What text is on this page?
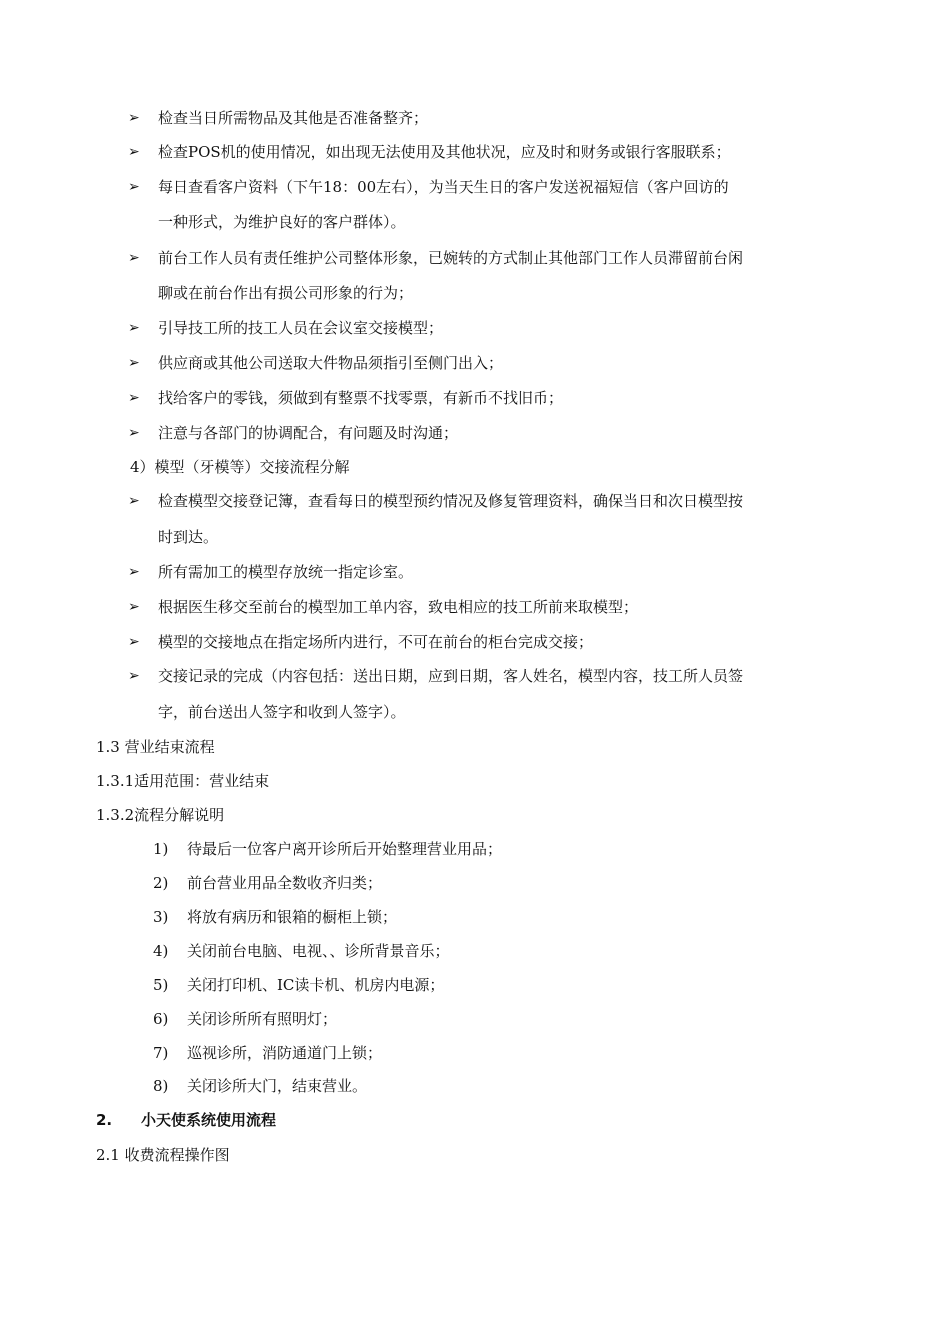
➢ 检查当日所需物品及其他是否准备整齐；
➢ 检查POS机的使用情况，如出现无法使用及其他状况，应及时和财务或银行客服联系；
➢ 每日查看客户资料（下午18：00左右），为当天生日的客户发送祝福短信（客户回访的
一种形式，为维护良好的客户群体）。
➢ 前台工作人员有责任维护公司整体形象，已婉转的方式制止其他部门工作人员滞留前台闲
聊或在前台作出有损公司形象的行为；
➢ 引导技工所的技工人员在会议室交接模型；
➢ 供应商或其他公司送取大件物品须指引至侧门出入；
➢ 找给客户的零钱，须做到有整票不找零票，有新币不找旧币；
➢ 注意与各部门的协调配合，有问题及时沟通；
4）模型（牙模等）交接流程分解
➢ 检查模型交接登记簿，查看每日的模型预约情况及修复管理资料，确保当日和次日模型按
时到达。
➢ 所有需加工的模型存放统一指定诊室。
➢ 根据医生移交至前台的模型加工单内容，致电相应的技工所前来取模型；
➢ 模型的交接地点在指定场所内进行，不可在前台的柜台完成交接；
➢ 交接记录的完成（内容包括：送出日期，应到日期，客人姓名，模型内容，技工所人员签
字，前台送出人签字和收到人签字）。
1.3 营业结束流程
1.3.1适用范围：营业结束
1.3.2流程分解说明
1) 待最后一位客户离开诊所后开始整理营业用品；
2) 前台营业用品全数收齐归类；
3) 将放有病历和银箱的橱柜上锁；
4) 关闭前台电脑、电视、、诊所背景音乐；
5) 关闭打印机、IC读卡机、机房内电源；
6) 关闭诊所所有照明灯；
7) 巡视诊所，消防通道门上锁；
8) 关闭诊所大门，结束营业。
2. 小天使系统使用流程
2.1 收费流程操作图
